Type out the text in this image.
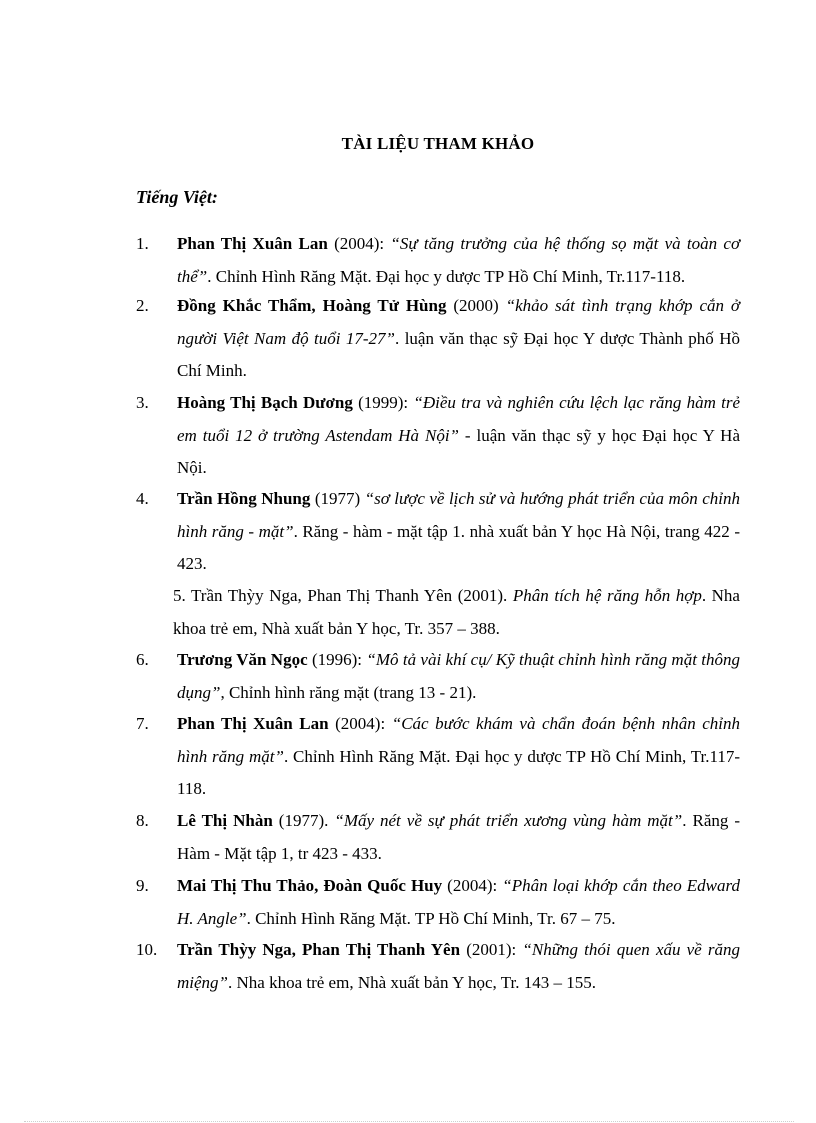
TÀI LIỆU THAM KHẢO
Tiếng Việt:
1. Phan Thị Xuân Lan (2004): “Sự tăng trưởng của hệ thống sọ mặt và toàn cơ thể”. Chỉnh Hình Răng Mặt. Đại học y dược TP Hồ Chí Minh, Tr.117-118.
2. Đồng Khắc Thẩm, Hoàng Tử Hùng (2000) “khảo sát tình trạng khớp cắn ở người Việt Nam độ tuổi 17-27”. luận văn thạc sỹ Đại học Y dược Thành phố Hồ Chí Minh.
3. Hoàng Thị Bạch Dương (1999): “Điều tra và nghiên cứu lệch lạc răng hàm trẻ em tuổi 12 ở trường Astendam Hà Nội” - luận văn thạc sỹ y học Đại học Y Hà Nội.
4. Trần Hồng Nhung (1977) “sơ lược về lịch sử và hướng phát triển của môn chỉnh hình răng - mặt”. Răng - hàm - mặt tập 1. nhà xuất bản Y học Hà Nội, trang 422 - 423.
5. Trần Thỳy Nga, Phan Thị Thanh Yên (2001). Phân tích hệ răng hỗn hợp. Nha khoa trẻ em, Nhà xuất bản Y học, Tr. 357 – 388.
6. Trương Văn Ngọc (1996): “Mô tả vài khí cụ/ Kỹ thuật chỉnh hình răng mặt thông dụng”, Chỉnh hình răng mặt (trang 13 - 21).
7. Phan Thị Xuân Lan (2004): “Các bước khám và chẩn đoán bệnh nhân chỉnh hình răng mặt”. Chỉnh Hình Răng Mặt. Đại học y dược TP Hồ Chí Minh, Tr.117-118.
8. Lê Thị Nhàn (1977). “Mấy nét về sự phát triển xương vùng hàm mặt”. Răng - Hàm - Mặt tập 1, tr 423 - 433.
9. Mai Thị Thu Thảo, Đoàn Quốc Huy (2004): “Phân loại khớp cắn theo Edward H. Angle”. Chỉnh Hình Răng Mặt. TP Hồ Chí Minh, Tr. 67 – 75.
10. Trần Thỳy Nga, Phan Thị Thanh Yên (2001): “Những thói quen xấu về răng miệng”. Nha khoa trẻ em, Nhà xuất bản Y học, Tr. 143 – 155.
